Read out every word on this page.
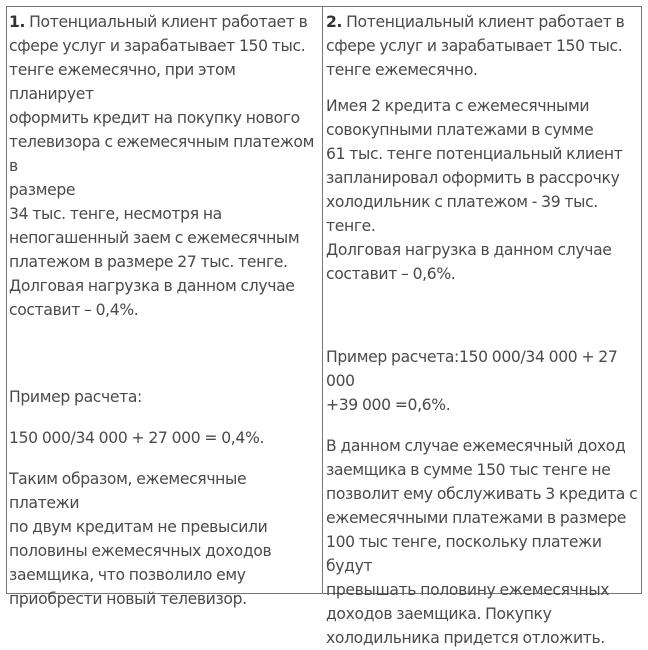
1. Потенциальный клиент работает в
сфере услуг и зарабатывает 150 тыс.
тенге ежемесячно, при этом планирует
оформить кредит на покупку нового
телевизора с ежемесячным платежом в
размере
34 тыс. тенге, несмотря на
непогашенный заем с ежемесячным
платежом в размере 27 тыс. тенге.
Долговая нагрузка в данном случае
составит – 0,4%.

Пример расчета:

150 000/34 000 + 27 000 = 0,4%.

Таким образом, ежемесячные платежи
по двум кредитам не превысили
половины ежемесячных доходов
заемщика, что позволило ему
приобрести новый телевизор.

2. Потенциальный клиент работает в
сфере услуг и зарабатывает 150 тыс.
тенге ежемесячно.

Имея 2 кредита с ежемесячными
совокупными платежами в сумме
61 тыс. тенге потенциальный клиент
запланировал оформить в рассрочку
холодильник с платежом - 39 тыс. тенге.
Долговая нагрузка в данном случае
составит – 0,6%.

Пример расчета:150 000/34 000 + 27 000
+39 000 =0,6%.

В данном случае ежемесячный доход
заемщика в сумме 150 тыс тенге не
позволит ему обслуживать 3 кредита с
ежемесячными платежами в размере
100 тыс тенге, поскольку платежи будут
превышать половину ежемесячных
доходов заемщика. Покупку
холодильника придется отложить.
